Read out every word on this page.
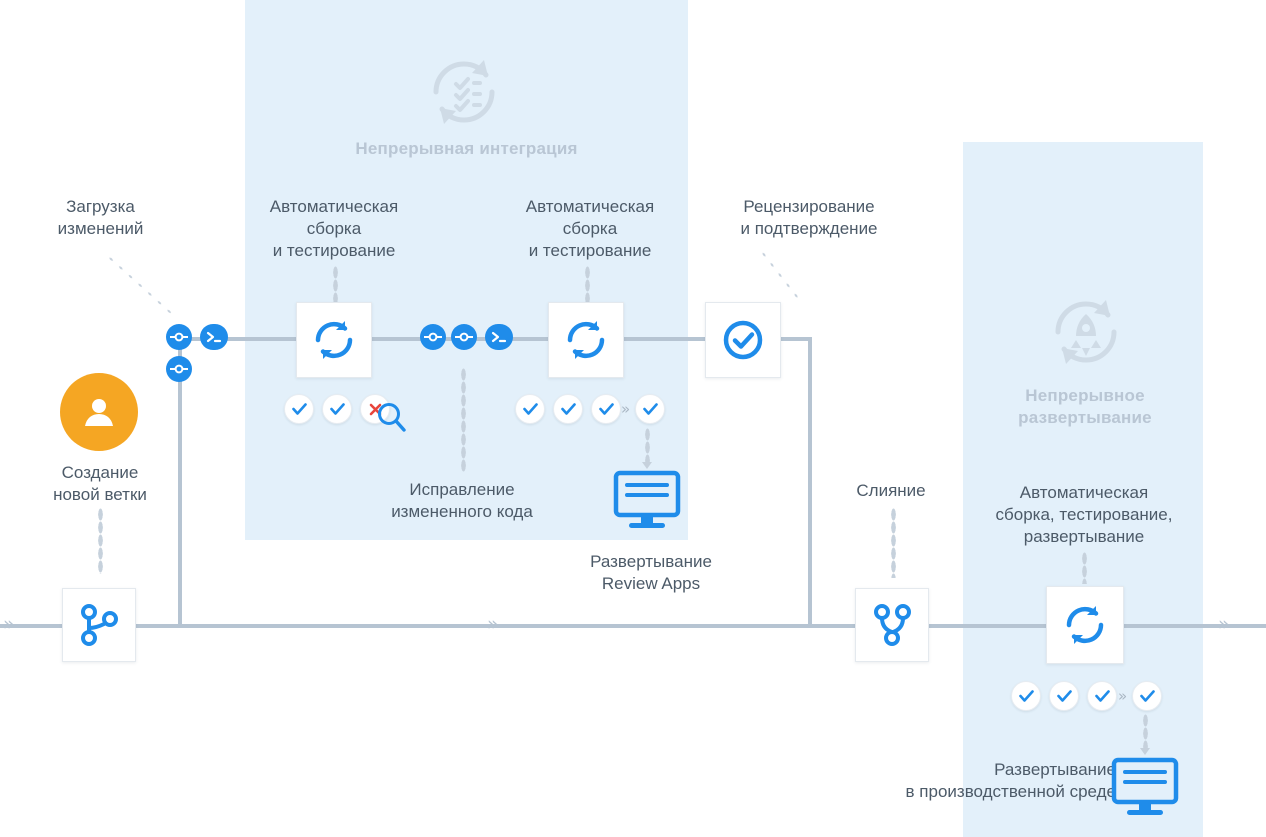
Непрерывная интеграция
Непрерывное
развертывание
»	»	»
Загрузка
изменений
Создание
новой ветки
Автоматическая
сборка
и тестирование
Автоматическая
сборка
и тестирование
Рецензирование
и подтверждение
Исправление
измененного кода
Развертывание
Review Apps
Слияние	Автоматическая
сборка, тестирование,
развертывание
Развертывание
в производственной среде
»
»
